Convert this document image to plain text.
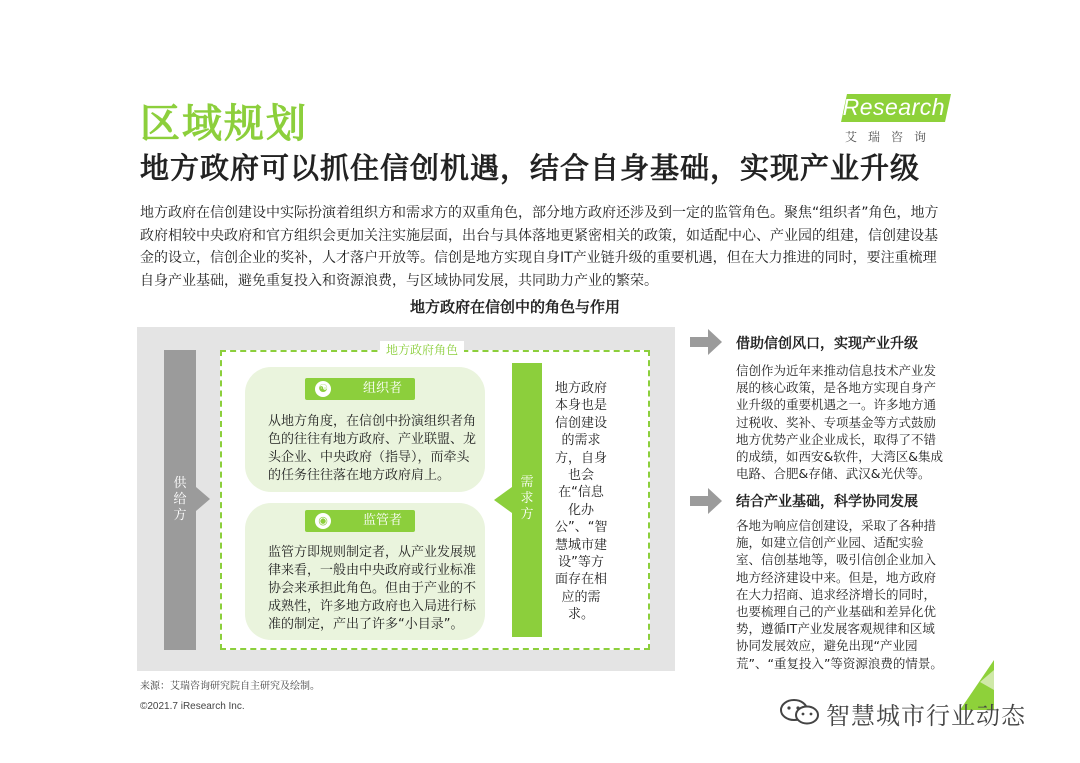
区域规划	iResearch
艾瑞咨询
地方政府可以抓住信创机遇，结合自身基础，实现产业升级

地方政府在信创建设中实际扮演着组织方和需求方的双重角色，部分地方政府还涉及到一定的监管角色。聚焦“组织者”角色，地方政府相较中央政府和官方组织会更加关注实施层面，出台与具体落地更紧密相关的政策，如适配中心、产业园的组建，信创建设基金的设立，信创企业的奖补，人才落户开放等。信创是地方实现自身IT产业链升级的重要机遇，但在大力推进的同时，要注重梳理自身产业基础，避免重复投入和资源浪费，与区域协同发展，共同助力产业的繁荣。

地方政府在信创中的角色与作用
供给方
地方政府角色
☯	组织者

从地方角度，在信创中扮演组织者角色的往往有地方政府、产业联盟、龙头企业、中央政府（指导），而牵头的任务往往落在地方政府肩上。

◉	监管者

监管方即规则制定者，从产业发展规律来看，一般由中央政府或行业标准协会来承担此角色。但由于产业的不成熟性，许多地方政府也入局进行标准的制定，产出了许多“小目录”。

需求方

地方政府本身也是信创建设的需求方，自身也会在“信息化办公”、“智慧城市建设”等方面存在相应的需求。

借助信创风口，实现产业升级

信创作为近年来推动信息技术产业发展的核心政策，是各地方实现自身产业升级的重要机遇之一。许多地方通过税收、奖补、专项基金等方式鼓励地方优势产业企业成长，取得了不错的成绩，如西安&软件，大湾区&集成电路、合肥&存储、武汉&光伏等。

结合产业基础，科学协同发展

各地为响应信创建设，采取了各种措施，如建立信创产业园、适配实验室、信创基地等，吸引信创企业加入地方经济建设中来。但是，地方政府在大力招商、追求经济增长的同时，也要梳理自己的产业基础和差异化优势，遵循IT产业发展客观规律和区域协同发展效应，避免出现“产业园荒”、“重复投入”等资源浪费的情景。

来源：艾瑞咨询研究院自主研究及绘制。
©2021.7 iResearch Inc.	智慧城市行业动态
